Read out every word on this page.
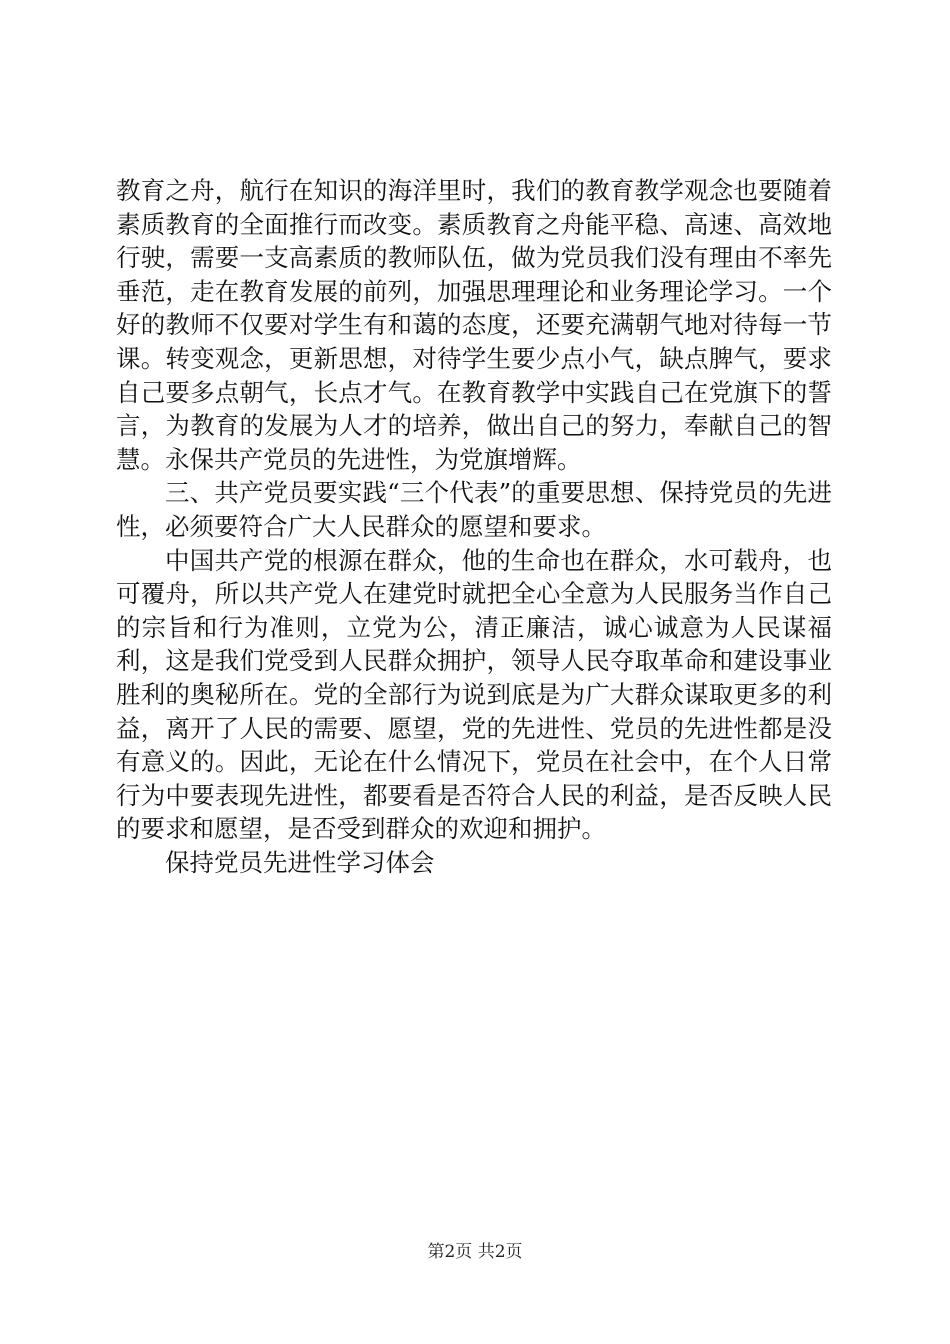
教育之舟，航行在知识的海洋里时，我们的教育教学观念也要随着素质教育的全面推行而改变。素质教育之舟能平稳、高速、高效地行驶，需要一支高素质的教师队伍，做为党员我们没有理由不率先垂范，走在教育发展的前列，加强思理理论和业务理论学习。一个好的教师不仅要对学生有和蔼的态度，还要充满朝气地对待每一节课。转变观念，更新思想，对待学生要少点小气，缺点脾气，要求自己要多点朝气，长点才气。在教育教学中实践自己在党旗下的誓言，为教育的发展为人才的培养，做出自己的努力，奉献自己的智慧。永保共产党员的先进性，为党旗增辉。

三、共产党员要实践“三个代表”的重要思想、保持党员的先进性，必须要符合广大人民群众的愿望和要求。

中国共产党的根源在群众，他的生命也在群众，水可载舟，也可覆舟，所以共产党人在建党时就把全心全意为人民服务当作自己的宗旨和行为准则，立党为公，清正廉洁，诚心诚意为人民谋福利，这是我们党受到人民群众拥护，领导人民夺取革命和建设事业胜利的奥秘所在。党的全部行为说到底是为广大群众谋取更多的利益，离开了人民的需要、愿望，党的先进性、党员的先进性都是没有意义的。因此，无论在什么情况下，党员在社会中，在个人日常行为中要表现先进性，都要看是否符合人民的利益，是否反映人民的要求和愿望，是否受到群众的欢迎和拥护。

保持党员先进性学习体会

第2页 共2页
